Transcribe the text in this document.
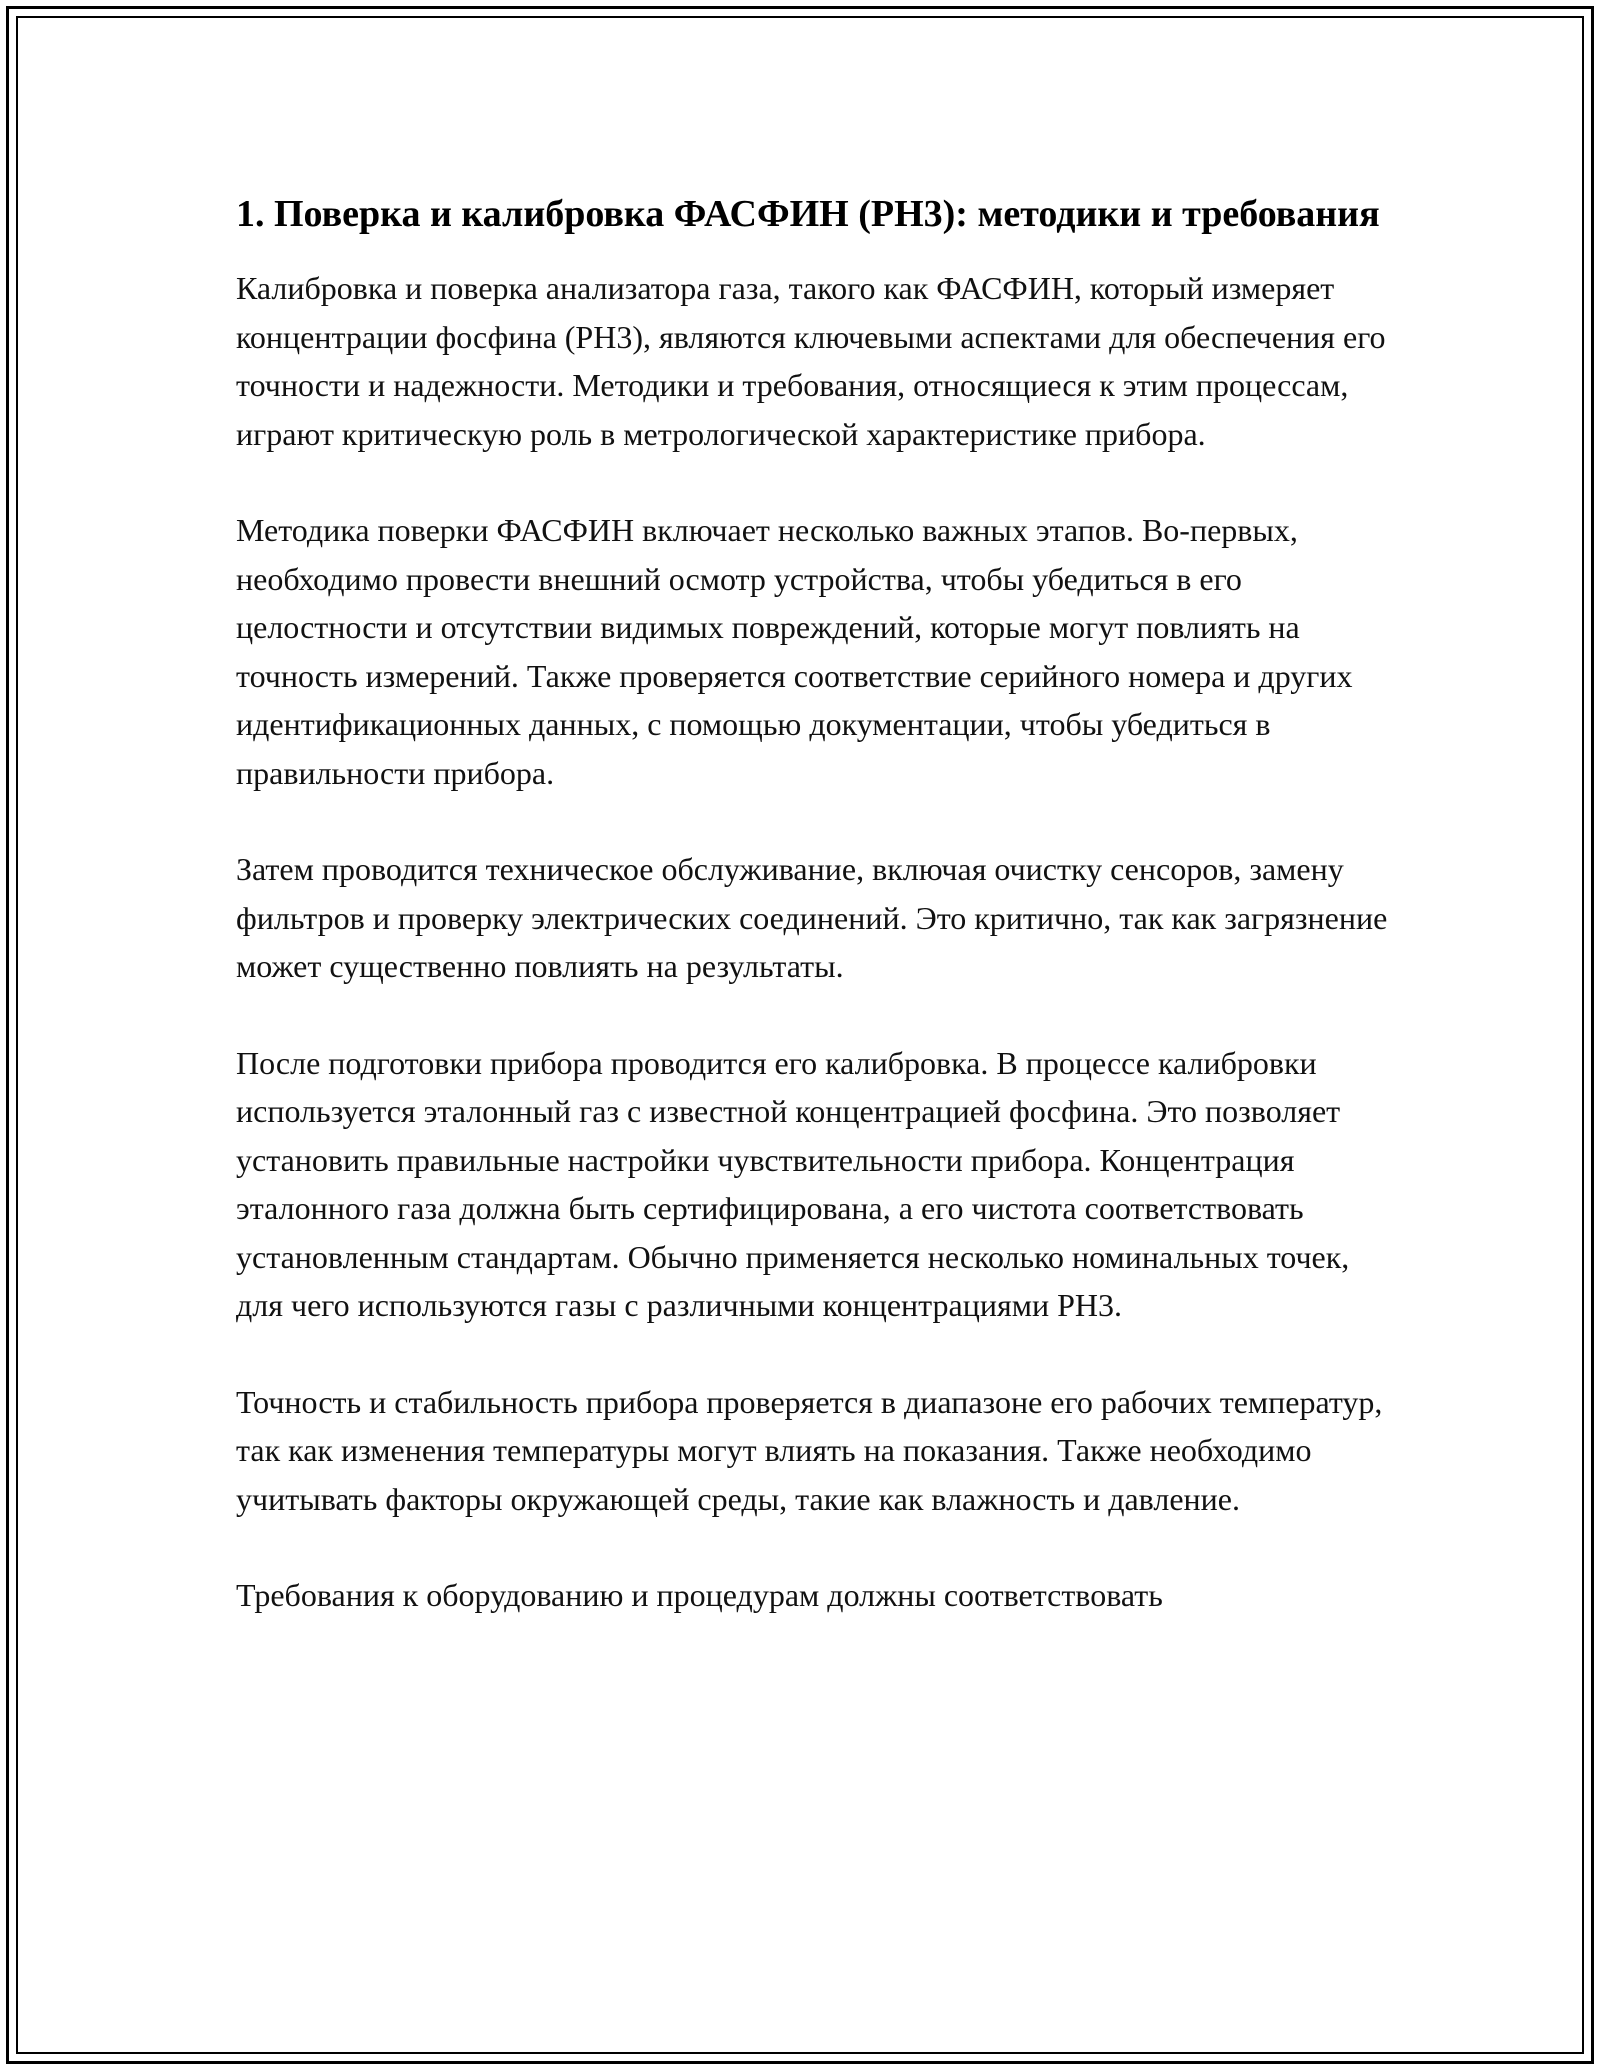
1. Поверка и калибровка ФАСФИН (РН3): методики и требования

Калибровка и поверка анализатора газа, такого как ФАСФИН, который измеряет концентрации фосфина (PH3), являются ключевыми аспектами для обеспечения его точности и надежности. Методики и требования, относящиеся к этим процессам, играют критическую роль в метрологической характеристике прибора.

Методика поверки ФАСФИН включает несколько важных этапов. Во-первых, необходимо провести внешний осмотр устройства, чтобы убедиться в его целостности и отсутствии видимых повреждений, которые могут повлиять на точность измерений. Также проверяется соответствие серийного номера и других идентификационных данных, с помощью документации, чтобы убедиться в правильности прибора.

Затем проводится техническое обслуживание, включая очистку сенсоров, замену фильтров и проверку электрических соединений. Это критично, так как загрязнение может существенно повлиять на результаты.

После подготовки прибора проводится его калибровка. В процессе калибровки используется эталонный газ с известной концентрацией фосфина. Это позволяет установить правильные настройки чувствительности прибора. Концентрация эталонного газа должна быть сертифицирована, а его чистота соответствовать установленным стандартам. Обычно применяется несколько номинальных точек, для чего используются газы с различными концентрациями PH3.

Точность и стабильность прибора проверяется в диапазоне его рабочих температур, так как изменения температуры могут влиять на показания. Также необходимо учитывать факторы окружающей среды, такие как влажность и давление.

Требования к оборудованию и процедурам должны соответствовать
